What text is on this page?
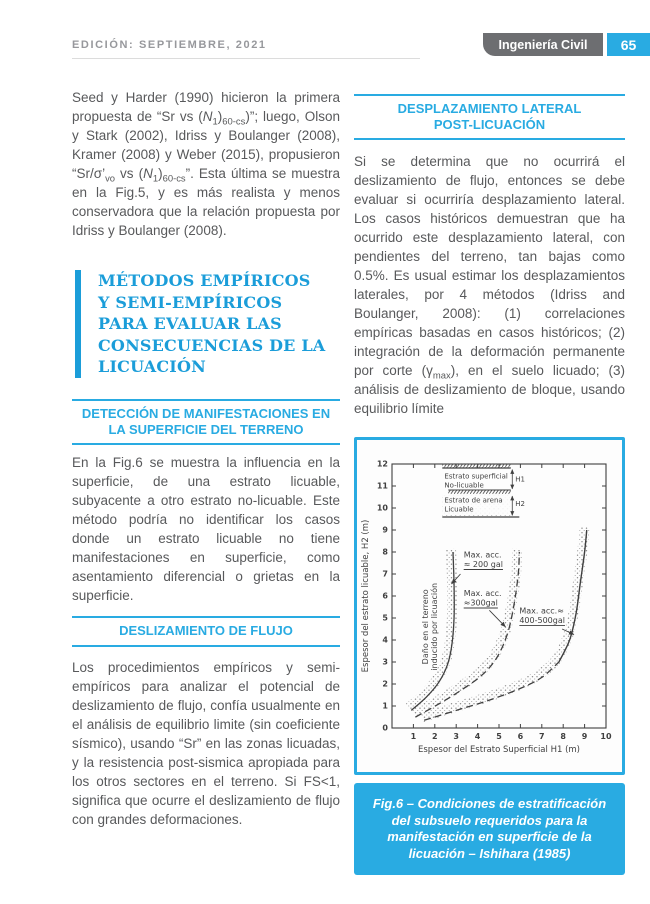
EDICIÓN: SEPTIEMBRE, 2021	Ingeniería Civil 65

Seed y Harder (1990) hicieron la primera propuesta de “Sr vs $(N_1)_{60-cs}$)”; luego, Olson y Stark (2002), Idriss y Boulanger (2008), Kramer (2008) y Weber (2015), propusieron “$Sr/\sigma’_{vo}$ vs $(N_1)_{60-cs}$”. Esta última se muestra en la Fig.5, y es más realista y menos conservadora que la relación propuesta por Idriss y Boulanger (2008).

MÉTODOS EMPÍRICOS
Y SEMI-EMPÍRICOS
PARA EVALUAR LAS
CONSECUENCIAS DE LA
LICUACIÓN
DETECCIÓN DE MANIFESTACIONES EN
LA SUPERFICIE DEL TERRENO

En la Fig.6 se muestra la influencia en la superficie, de una estrato licuable, subyacente a otro estrato no-licuable. Este método podría no identificar los casos donde un estrato licuable no tiene manifestaciones en superficie, como asentamiento diferencial o grietas en la superficie.

DESLIZAMIENTO DE FLUJO

Los procedimientos empíricos y semi-empíricos para analizar el potencial de deslizamiento de flujo, confía usualmente en el análisis de equilibrio limite (sin coeficiente sísmico), usando “Sr” en las zonas licuadas, y la resistencia post-sismica apropiada para los otros sectores en el terreno. Si FS<1, significa que ocurre el deslizamiento de flujo con grandes deformaciones.

DESPLAZAMIENTO LATERAL
POST-LICUACIÓN

Si se determina que no ocurrirá el deslizamiento de flujo, entonces se debe evaluar si ocurriría desplazamiento lateral. Los casos históricos demuestran que ha ocurrido este desplazamiento lateral, con pendientes del terreno, tan bajas como 0.5%. Es usual estimar los desplazamientos laterales, por 4 métodos (Idriss and Boulanger, 2008): (1) correlaciones empíricas basadas en casos históricos; (2) integración de la deformación permanente por corte $(\gamma_{max})$, en el suelo licuado; (3) análisis de deslizamiento de bloque, usando equilibrio límite

1 2 3 4 5 6 7 8 9 10
0
1
2
3
4
5
6
7
8
9
10
11
12
Espesor del Estrato Superficial H1 (m)
Espesor del estrato licuable, H2 (m)
Estrato superficial
No-licuable
Estrato de arena
Licuable
H1
H2
Max. acc.
≈ 200 gal
Max. acc.
≈300gal
Max. acc.≈
400-500gal
Daño en el terreno inducido por licuación
Fig.6 – Condiciones de estratificación
del subsuelo requeridos para la
manifestación en superficie de la
licuación – Ishihara (1985)
